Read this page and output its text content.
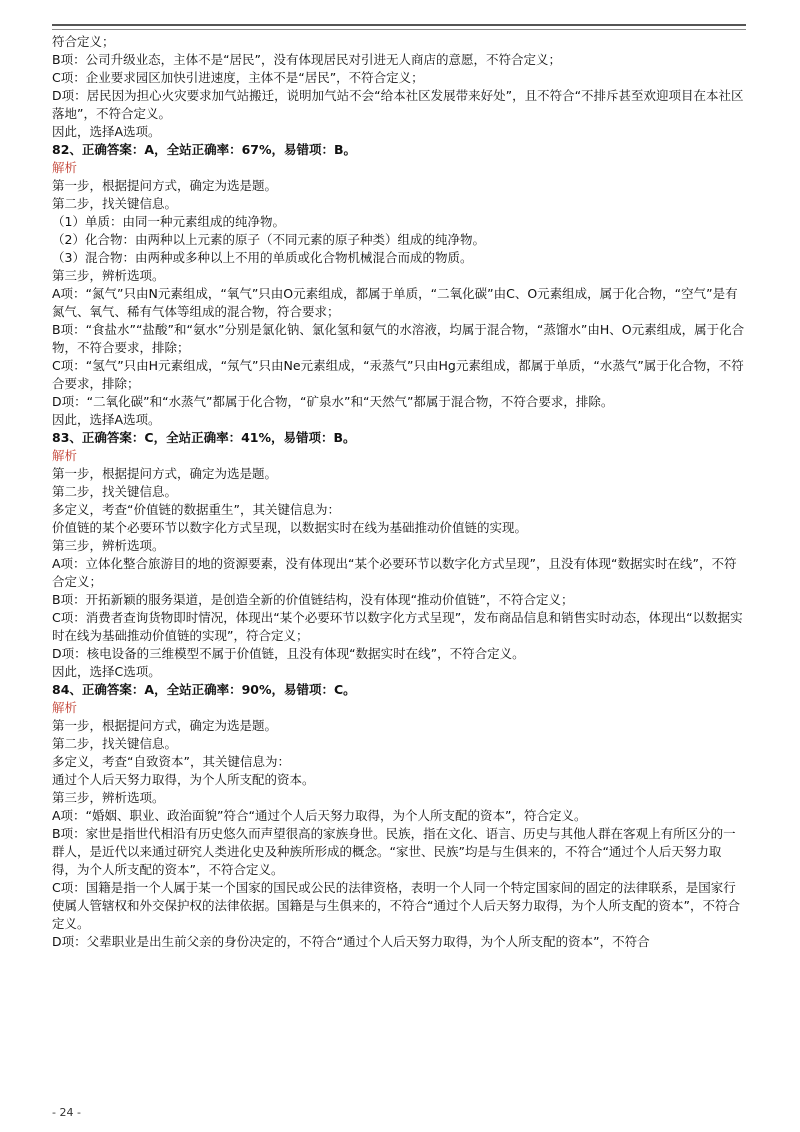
符合定义；

B项：公司升级业态，主体不是“居民”，没有体现居民对引进无人商店的意愿，不符合定义；

C项：企业要求园区加快引进速度，主体不是“居民”，不符合定义；

D项：居民因为担心火灾要求加气站搬迁，说明加气站不会“给本社区发展带来好处”，且不符合“不排斥甚至欢迎项目在本社区落地”，不符合定义。

因此，选择A选项。

82、正确答案：A，全站正确率：67%，易错项：B。

解析

第一步，根据提问方式，确定为选是题。

第二步，找关键信息。

（1）单质：由同一种元素组成的纯净物。

（2）化合物：由两种以上元素的原子（不同元素的原子种类）组成的纯净物。

（3）混合物：由两种或多种以上不用的单质或化合物机械混合而成的物质。

第三步，辨析选项。

A项：“氮气”只由N元素组成，“氧气”只由O元素组成，都属于单质，“二氧化碳”由C、O元素组成，属于化合物，“空气”是有氮气、氧气、稀有气体等组成的混合物，符合要求；

B项：“食盐水”“盐酸”和“氨水”分别是氯化钠、氯化氢和氨气的水溶液，均属于混合物，“蒸馏水”由H、O元素组成，属于化合物，不符合要求，排除；

C项：“氢气”只由H元素组成，“氖气”只由Ne元素组成，“汞蒸气”只由Hg元素组成，都属于单质，“水蒸气”属于化合物，不符合要求，排除；

D项：“二氧化碳”和“水蒸气”都属于化合物，“矿泉水”和“天然气”都属于混合物，不符合要求，排除。

因此，选择A选项。

83、正确答案：C，全站正确率：41%，易错项：B。

解析

第一步，根据提问方式，确定为选是题。

第二步，找关键信息。

多定义，考查“价值链的数据重生”，其关键信息为：

价值链的某个必要环节以数字化方式呈现，以数据实时在线为基础推动价值链的实现。

第三步，辨析选项。

A项：立体化整合旅游目的地的资源要素，没有体现出“某个必要环节以数字化方式呈现”，且没有体现“数据实时在线”，不符合定义；

B项：开拓新颖的服务渠道，是创造全新的价值链结构，没有体现“推动价值链”，不符合定义；

C项：消费者查询货物即时情况，体现出“某个必要环节以数字化方式呈现”，发布商品信息和销售实时动态，体现出“以数据实时在线为基础推动价值链的实现”，符合定义；

D项：核电设备的三维模型不属于价值链，且没有体现“数据实时在线”，不符合定义。

因此，选择C选项。

84、正确答案：A，全站正确率：90%，易错项：C。

解析

第一步，根据提问方式，确定为选是题。

第二步，找关键信息。

多定义，考查“自致资本”，其关键信息为：

通过个人后天努力取得，为个人所支配的资本。

第三步，辨析选项。

A项：“婚姻、职业、政治面貌”符合“通过个人后天努力取得，为个人所支配的资本”，符合定义。

B项：家世是指世代相沿有历史悠久而声望很高的家族身世。民族，指在文化、语言、历史与其他人群在客观上有所区分的一群人，是近代以来通过研究人类进化史及种族所形成的概念。“家世、民族”均是与生俱来的，不符合“通过个人后天努力取得，为个人所支配的资本”，不符合定义。

C项：国籍是指一个人属于某一个国家的国民或公民的法律资格，表明一个人同一个特定国家间的固定的法律联系，是国家行使属人管辖权和外交保护权的法律依据。国籍是与生俱来的，不符合“通过个人后天努力取得，为个人所支配的资本”，不符合定义。

D项：父辈职业是出生前父亲的身份决定的，不符合“通过个人后天努力取得，为个人所支配的资本”，不符合

- 24 -
